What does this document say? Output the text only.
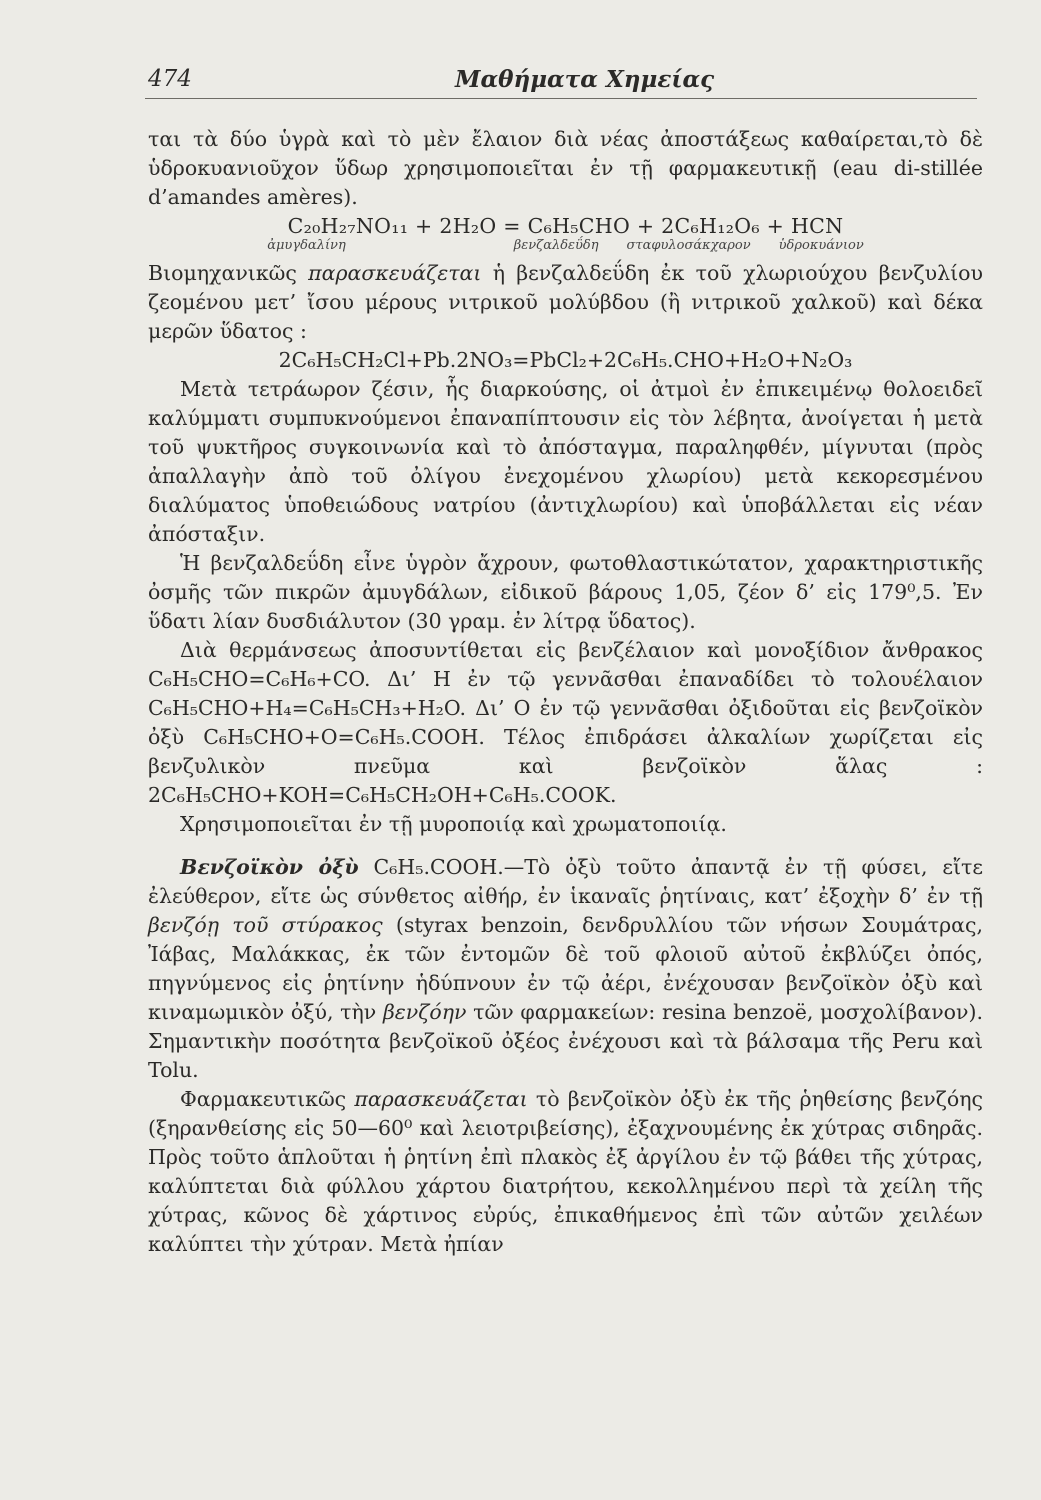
474	Μαθήματα Χημείας

ται τὰ δύο ὑγρὰ καὶ τὸ μὲν ἔλαιον διὰ νέας ἀποστάξεως καθαίρεται,τὸ δὲ ὑδροκυανιοῦχον ὕδωρ χρησιμοποιεῖται ἐν τῇ φαρμακευτικῇ (eau di-stillée d’amandes amères).

C₂₀H₂₇NO₁₁ + 2H₂O = C₆H₅CHO + 2C₆H₁₂O₆ + HCN
ἀμυγδαλίνη	βενζαλδεΰδη σταφυλοσάκχαρον ὑδροκυάνιον

Βιομηχανικῶς παρασκευάζεται ἡ βενζαλδεΰδη ἐκ τοῦ χλωριούχου βενζυλίου ζεομένου μετ’ ἴσου μέρους νιτρικοῦ μολύβδου (ἢ νιτρικοῦ χαλκοῦ) καὶ δέκα μερῶν ὕδατος :

2C₆H₅CH₂Cl+Pb.2NO₃=PbCl₂+2C₆H₅.CHO+H₂O+N₂O₃

Μετὰ τετράωρον ζέσιν, ἧς διαρκούσης, οἱ ἀτμοὶ ἐν ἐπικειμένῳ θολοειδεῖ καλύμματι συμπυκνούμενοι ἐπαναπίπτουσιν εἰς τὸν λέβητα, ἀνοίγεται ἡ μετὰ τοῦ ψυκτῆρος συγκοινωνία καὶ τὸ ἀπόσταγμα, παραληφθέν, μίγνυται (πρὸς ἀπαλλαγὴν ἀπὸ τοῦ ὀλίγου ἐνεχομένου χλωρίου) μετὰ κεκορεσμένου διαλύματος ὑποθειώδους νατρίου (ἀντιχλωρίου) καὶ ὑποβάλλεται εἰς νέαν ἀπόσταξιν.

Ἡ βενζαλδεΰδη εἶνε ὑγρὸν ἄχρουν, φωτοθλαστικώτατον, χαρακτηριστικῆς ὀσμῆς τῶν πικρῶν ἀμυγδάλων, εἰδικοῦ βάρους 1,05, ζέον δ’ εἰς 179⁰,5. Ἐν ὕδατι λίαν δυσδιάλυτον (30 γραμ. ἐν λίτρᾳ ὕδατος).

Διὰ θερμάνσεως ἀποσυντίθεται εἰς βενζέλαιον καὶ μονοξίδιον ἄνθρακος C₆H₅CHO=C₆H₆+CO. Δι’ Η ἐν τῷ γεννᾶσθαι ἐπαναδίδει τὸ τολουέλαιον C₆H₅CHO+H₄=C₆H₅CH₃+H₂O. Δι’ Ο ἐν τῷ γεννᾶσθαι ὀξιδοῦται εἰς βενζοϊκὸν ὀξὺ C₆H₅CHO+O=C₆H₅.COOH. Τέλος ἐπιδράσει ἀλκαλίων χωρίζεται εἰς βενζυλικὸν πνεῦμα καὶ βενζοϊκὸν ἅλας : 2C₆H₅CHO+KOH=C₆H₅CH₂OH+C₆H₅.COOK.

Χρησιμοποιεῖται ἐν τῇ μυροποιίᾳ καὶ χρωματοποιίᾳ.

Βενζοϊκὸν ὀξὺ C₆H₅.COOH.—Τὸ ὀξὺ τοῦτο ἀπαντᾷ ἐν τῇ φύσει, εἴτε ἐλεύθερον, εἴτε ὡς σύνθετος αἰθήρ, ἐν ἱκαναῖς ῥητίναις, κατ’ ἐξοχὴν δ’ ἐν τῇ βενζόῃ τοῦ στύρακος (styrax benzoin, δενδρυλλίου τῶν νήσων Σουμάτρας, Ἰάβας, Μαλάκκας, ἐκ τῶν ἐντομῶν δὲ τοῦ φλοιοῦ αὐτοῦ ἐκβλύζει ὀπός, πηγνύμενος εἰς ῥητίνην ἡδύπνουν ἐν τῷ ἀέρι, ἐνέχουσαν βενζοϊκὸν ὀξὺ καὶ κιναμωμικὸν ὀξύ, τὴν βενζόην τῶν φαρμακείων: resina benzoë, μοσχολίβανον). Σημαντικὴν ποσότητα βενζοϊκοῦ ὀξέος ἐνέχουσι καὶ τὰ βάλσαμα τῆς Peru καὶ Tolu.

Φαρμακευτικῶς παρασκευάζεται τὸ βενζοϊκὸν ὀξὺ ἐκ τῆς ῥηθείσης βενζόης (ξηρανθείσης εἰς 50—60⁰ καὶ λειοτριβείσης), ἐξαχνουμένης ἐκ χύτρας σιδηρᾶς. Πρὸς τοῦτο ἁπλοῦται ἡ ῥητίνη ἐπὶ πλακὸς ἐξ ἀργίλου ἐν τῷ βάθει τῆς χύτρας, καλύπτεται διὰ φύλλου χάρτου διατρήτου, κεκολλημένου περὶ τὰ χείλη τῆς χύτρας, κῶνος δὲ χάρτινος εὐρύς, ἐπικαθήμενος ἐπὶ τῶν αὐτῶν χειλέων καλύπτει τὴν χύτραν. Μετὰ ἠπίαν
